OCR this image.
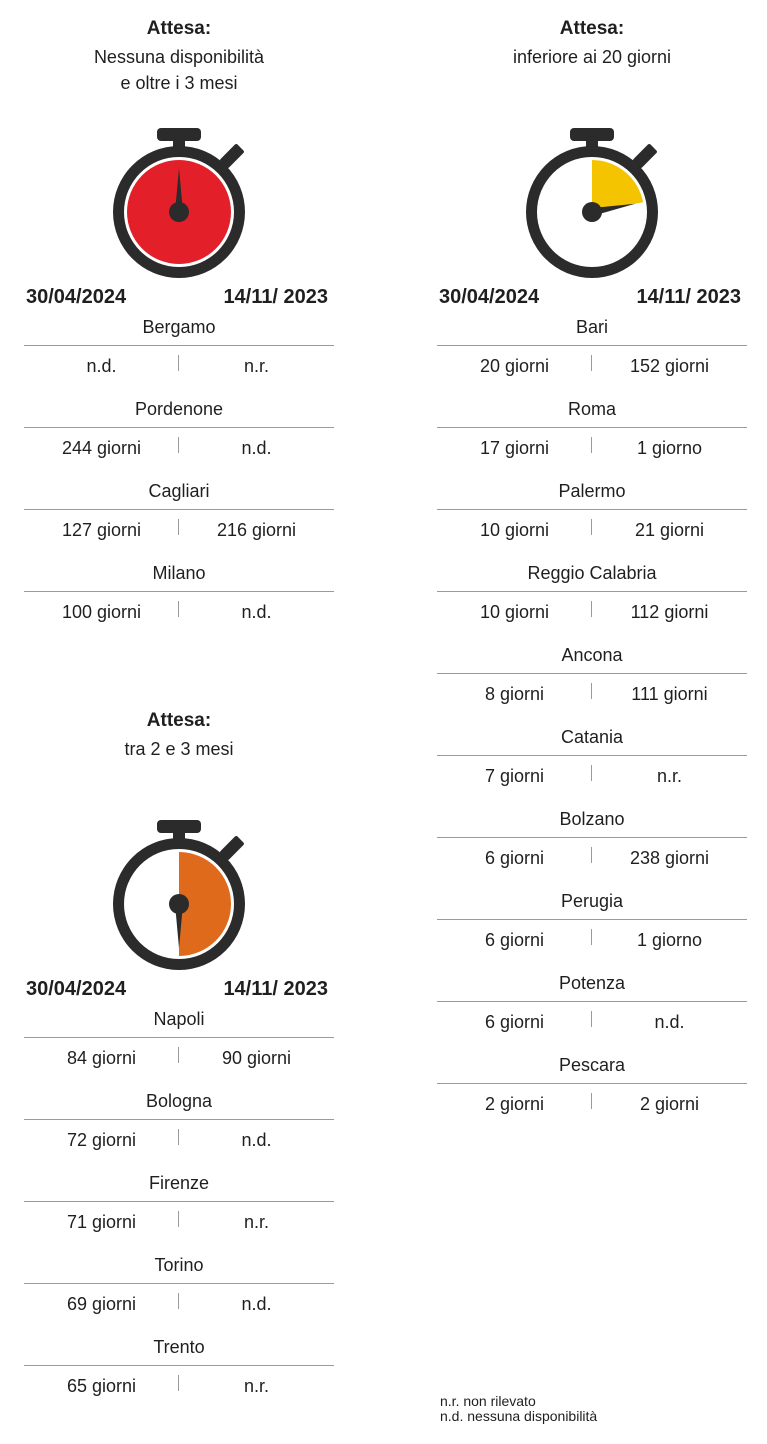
Attesa:
Nessuna disponibilità
e oltre i 3 mesi
30/04/2024	14/11/ 2023
Bergamo
n.d.	n.r.
Pordenone
244 giorni	n.d.
Cagliari
127 giorni	216 giorni
Milano
100 giorni	n.d.
Attesa:
inferiore ai 20 giorni
30/04/2024	14/11/ 2023
Bari
20 giorni	152 giorni
Roma
17 giorni	1 giorno
Palermo
10 giorni	21 giorni
Reggio Calabria
10 giorni	112 giorni
Ancona
8 giorni	111 giorni
Catania
7 giorni	n.r.
Bolzano
6 giorni	238 giorni
Perugia
6 giorni	1 giorno
Potenza
6 giorni	n.d.
Pescara
2 giorni	2 giorni
Attesa:
tra 2 e 3 mesi
30/04/2024	14/11/ 2023
Napoli
84 giorni	90 giorni
Bologna
72 giorni	n.d.
Firenze
71 giorni	n.r.
Torino
69 giorni	n.d.
Trento
65 giorni	n.r.
n.r. non rilevato
n.d. nessuna disponibilità
